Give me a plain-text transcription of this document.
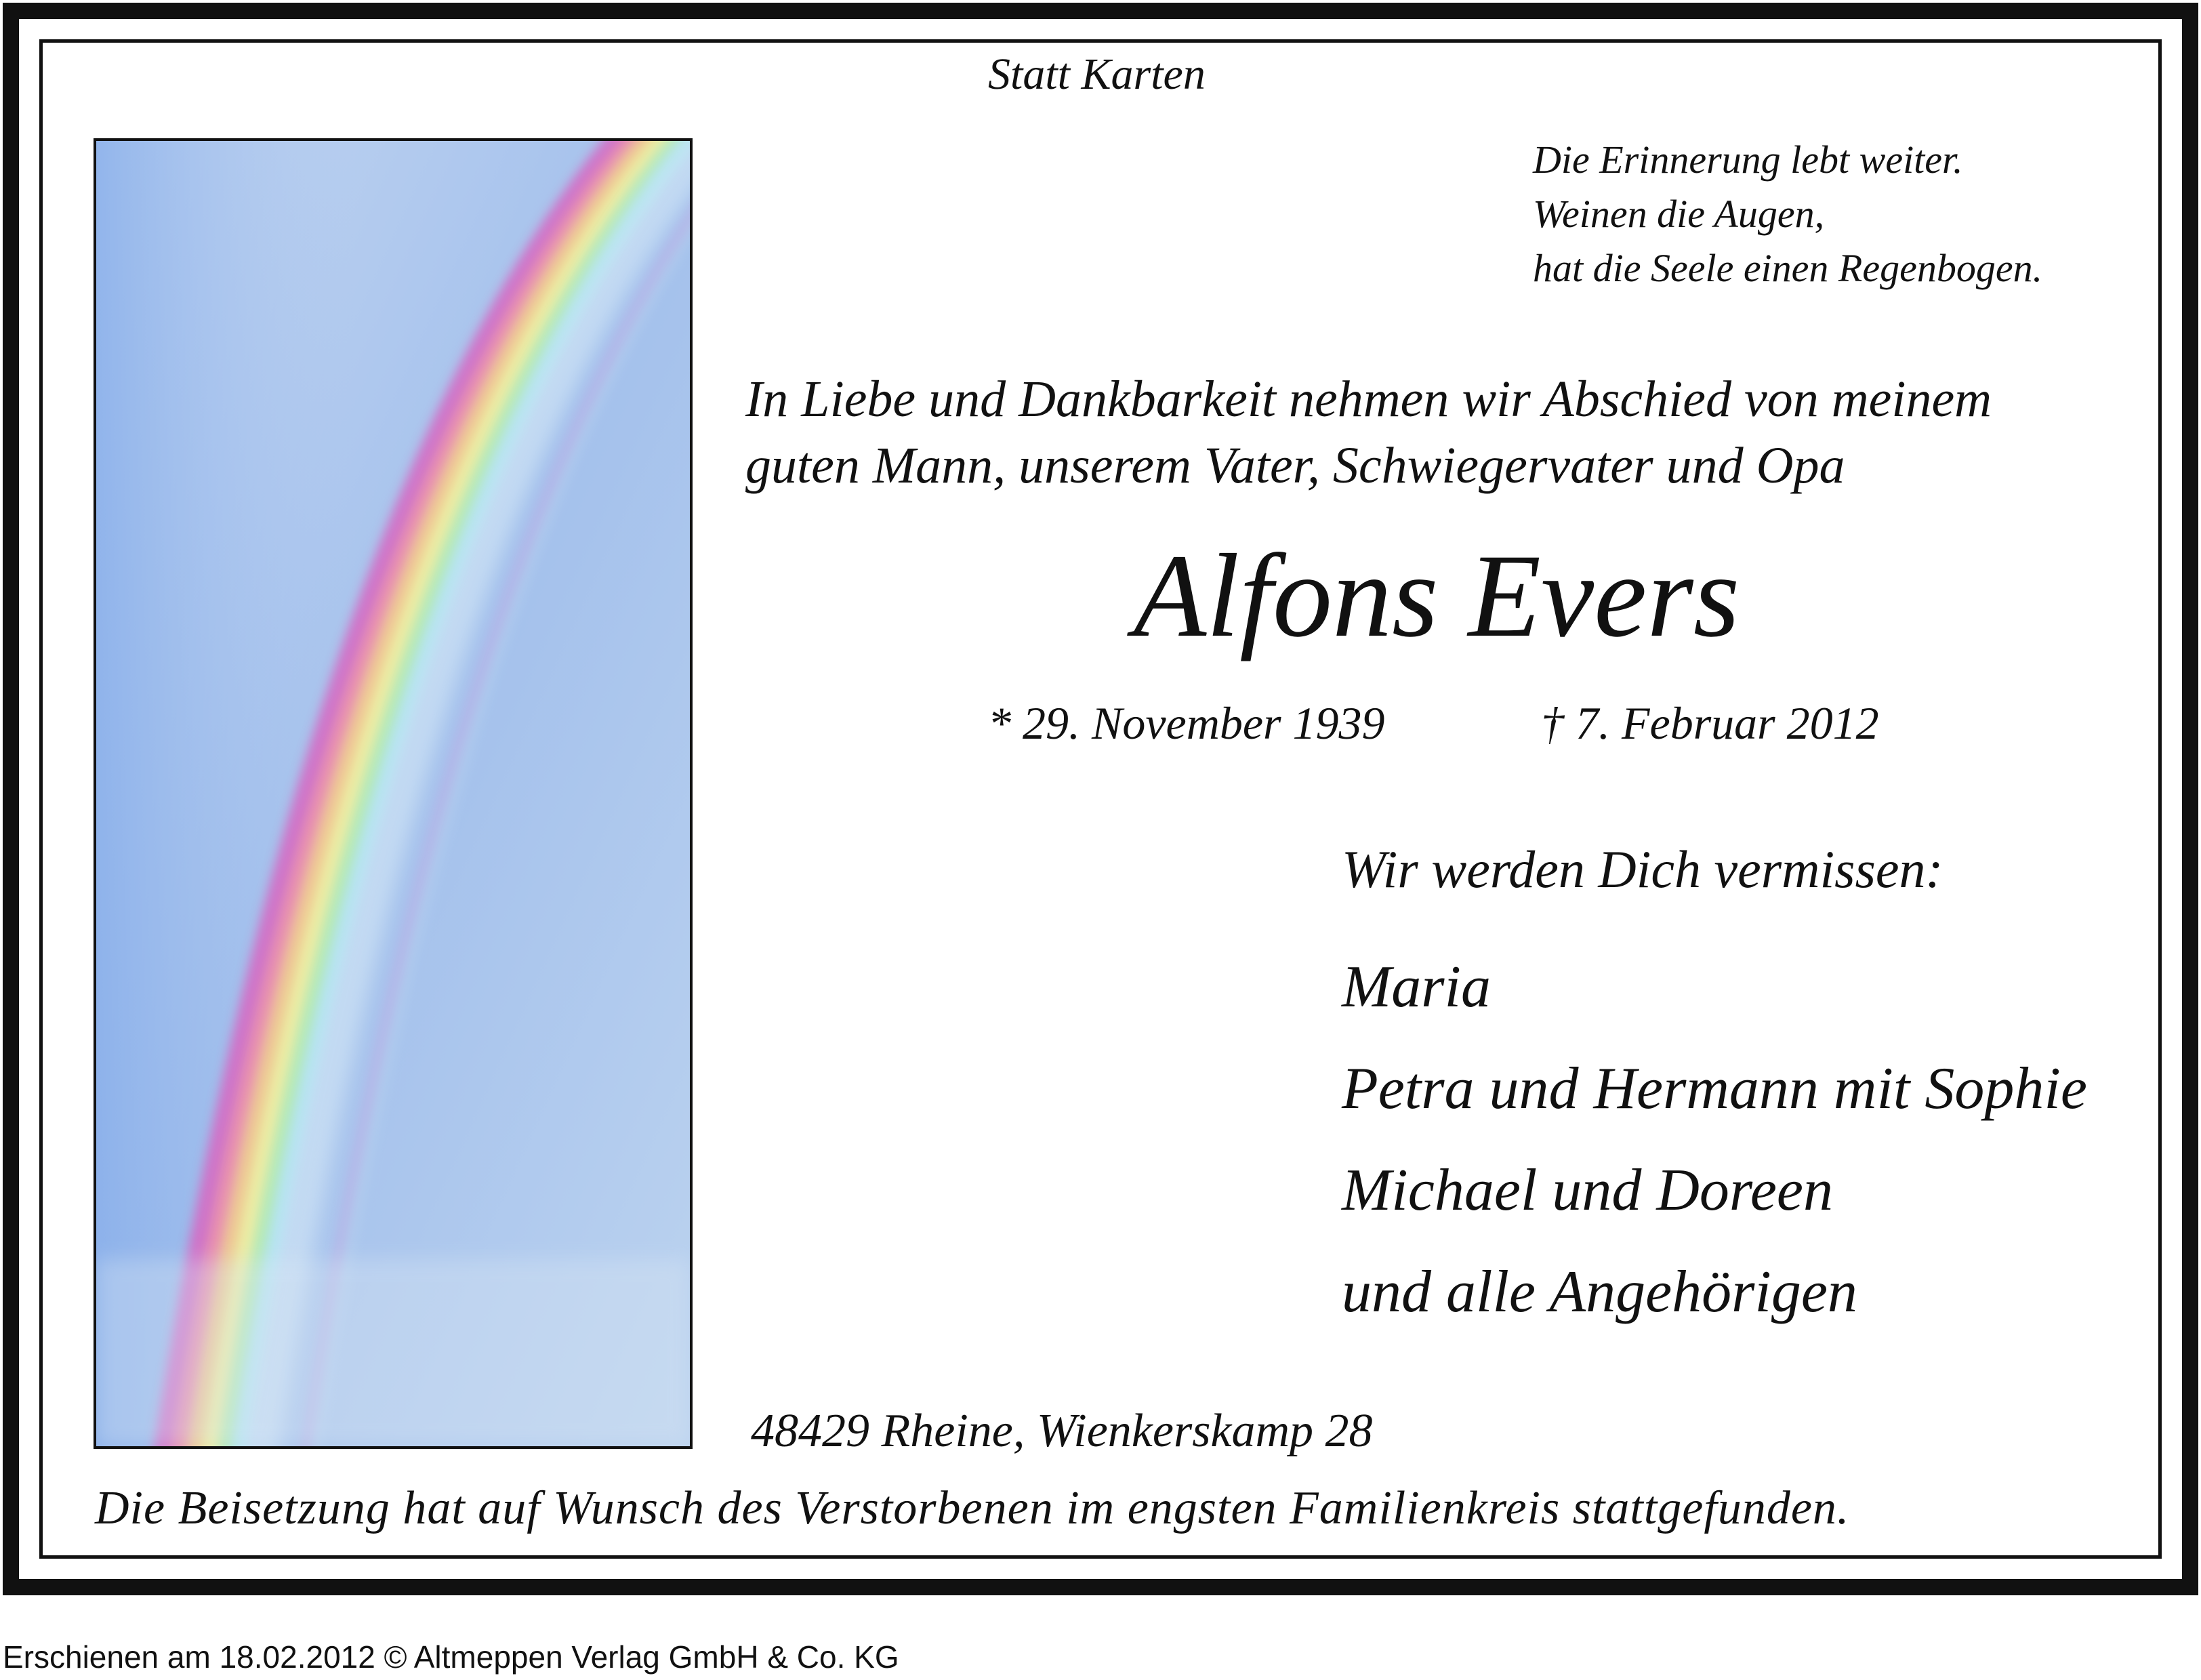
Statt Karten
Die Erinnerung lebt weiter.
Weinen die Augen,
hat die Seele einen Regenbogen.
In Liebe und Dankbarkeit nehmen wir Abschied von meinem
guten Mann, unserem Vater, Schwiegervater und Opa
Alfons Evers
* 29. November 1939	† 7. Februar 2012
Wir werden Dich vermissen:
Maria
Petra und Hermann mit Sophie
Michael und Doreen
und alle Angehörigen
48429 Rheine, Wienkerskamp 28
Die Beisetzung hat auf Wunsch des Verstorbenen im engsten Familienkreis stattgefunden.
Erschienen am 18.02.2012 © Altmeppen Verlag GmbH & Co. KG
